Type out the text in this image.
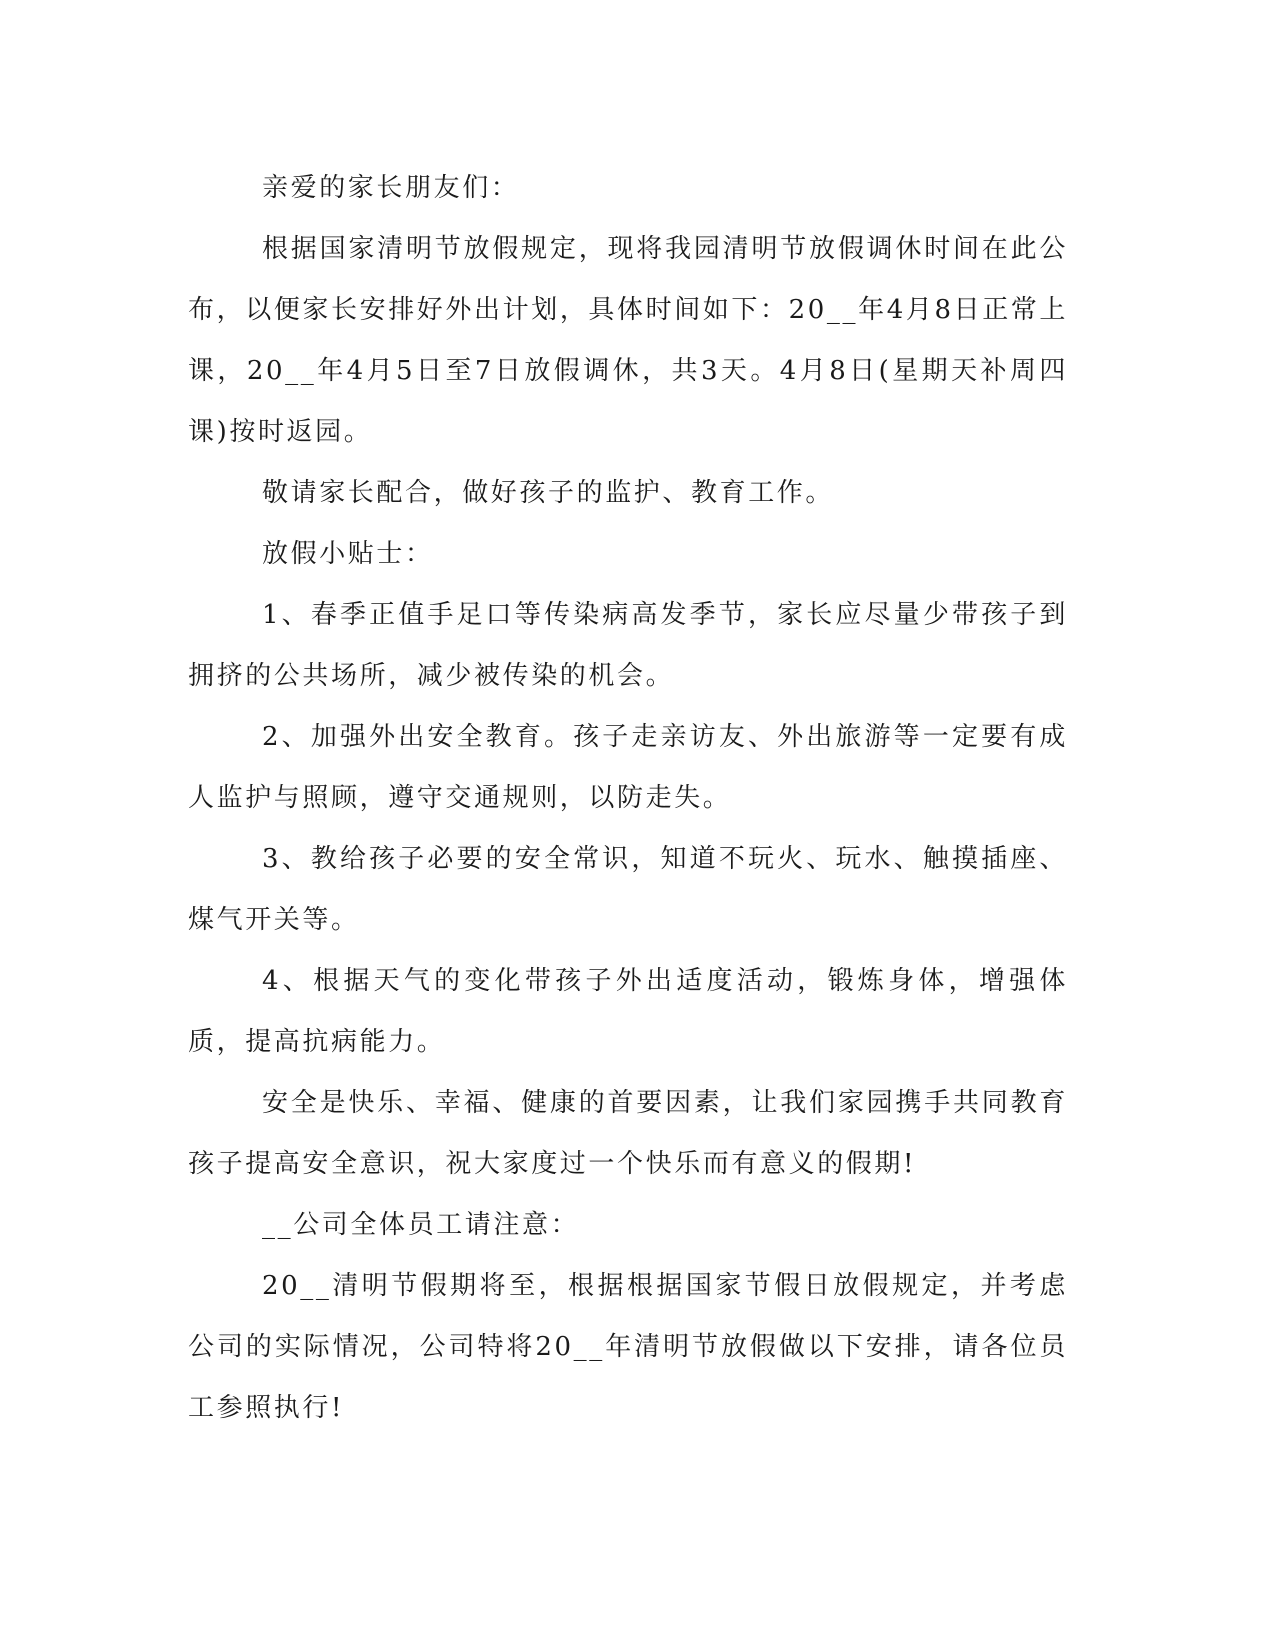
亲爱的家长朋友们：

根据国家清明节放假规定，现将我园清明节放假调休时间在此公布，以便家长安排好外出计划，具体时间如下：20__年4月8日正常上课，20__年4月5日至7日放假调休，共3天。4月8日(星期天补周四课)按时返园。

敬请家长配合，做好孩子的监护、教育工作。

放假小贴士：

1、春季正值手足口等传染病高发季节，家长应尽量少带孩子到拥挤的公共场所，减少被传染的机会。

2、加强外出安全教育。孩子走亲访友、外出旅游等一定要有成人监护与照顾，遵守交通规则，以防走失。

3、教给孩子必要的安全常识，知道不玩火、玩水、触摸插座、煤气开关等。

4、根据天气的变化带孩子外出适度活动，锻炼身体，增强体质，提高抗病能力。

安全是快乐、幸福、健康的首要因素，让我们家园携手共同教育孩子提高安全意识，祝大家度过一个快乐而有意义的假期!

__公司全体员工请注意：

20__清明节假期将至，根据根据国家节假日放假规定，并考虑公司的实际情况，公司特将20__年清明节放假做以下安排，请各位员工参照执行!
